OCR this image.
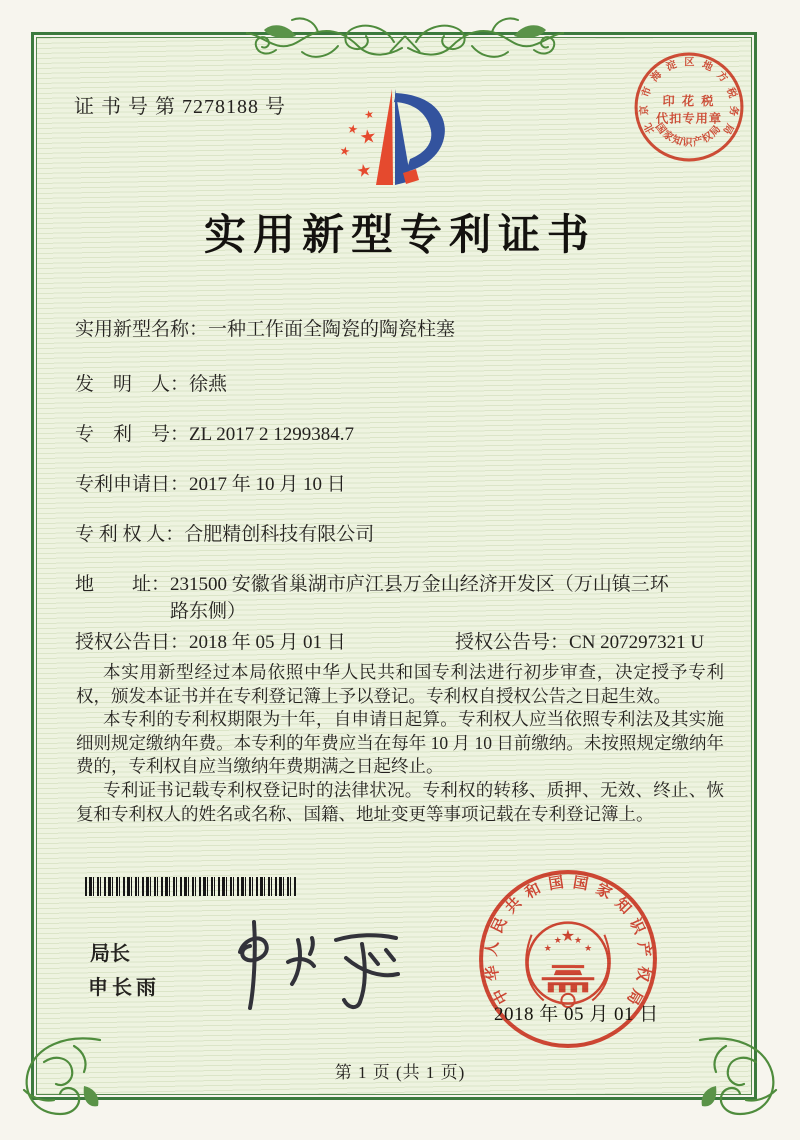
证 书 号 第 7278188 号	★
★ ★
★
★
实用新型专利证书
实用新型名称：一种工作面全陶瓷的陶瓷柱塞
发　明　人：徐燕
专　利　号：ZL 2017 2 1299384.7
专利申请日：2017 年 10 月 10 日
专 利 权 人：合肥精创科技有限公司
地　　址：231500 安徽省巢湖市庐江县万金山经济开发区（万山镇三环路东侧）
授权公告日：2018 年 05 月 01 日	授权公告号：CN 207297321 U

本实用新型经过本局依照中华人民共和国专利法进行初步审查，决定授予专利权，颁发本证书并在专利登记簿上予以登记。专利权自授权公告之日起生效。

本专利的专利权期限为十年，自申请日起算。专利权人应当依照专利法及其实施细则规定缴纳年费。本专利的年费应当在每年 10 月 10 日前缴纳。未按照规定缴纳年费的，专利权自应当缴纳年费期满之日起终止。

专利证书记载专利权登记时的法律状况。专利权的转移、质押、无效、终止、恢复和专利权人的姓名或名称、国籍、地址变更等事项记载在专利登记簿上。

局长
申长雨	中华人民共和国国家知识产权局
★
★
★ ★
★
2018 年 05 月 01 日
北京市海淀区地方税务局
国家知识产权局
印 花 税
代扣专用章
第 1 页 (共 1 页)
